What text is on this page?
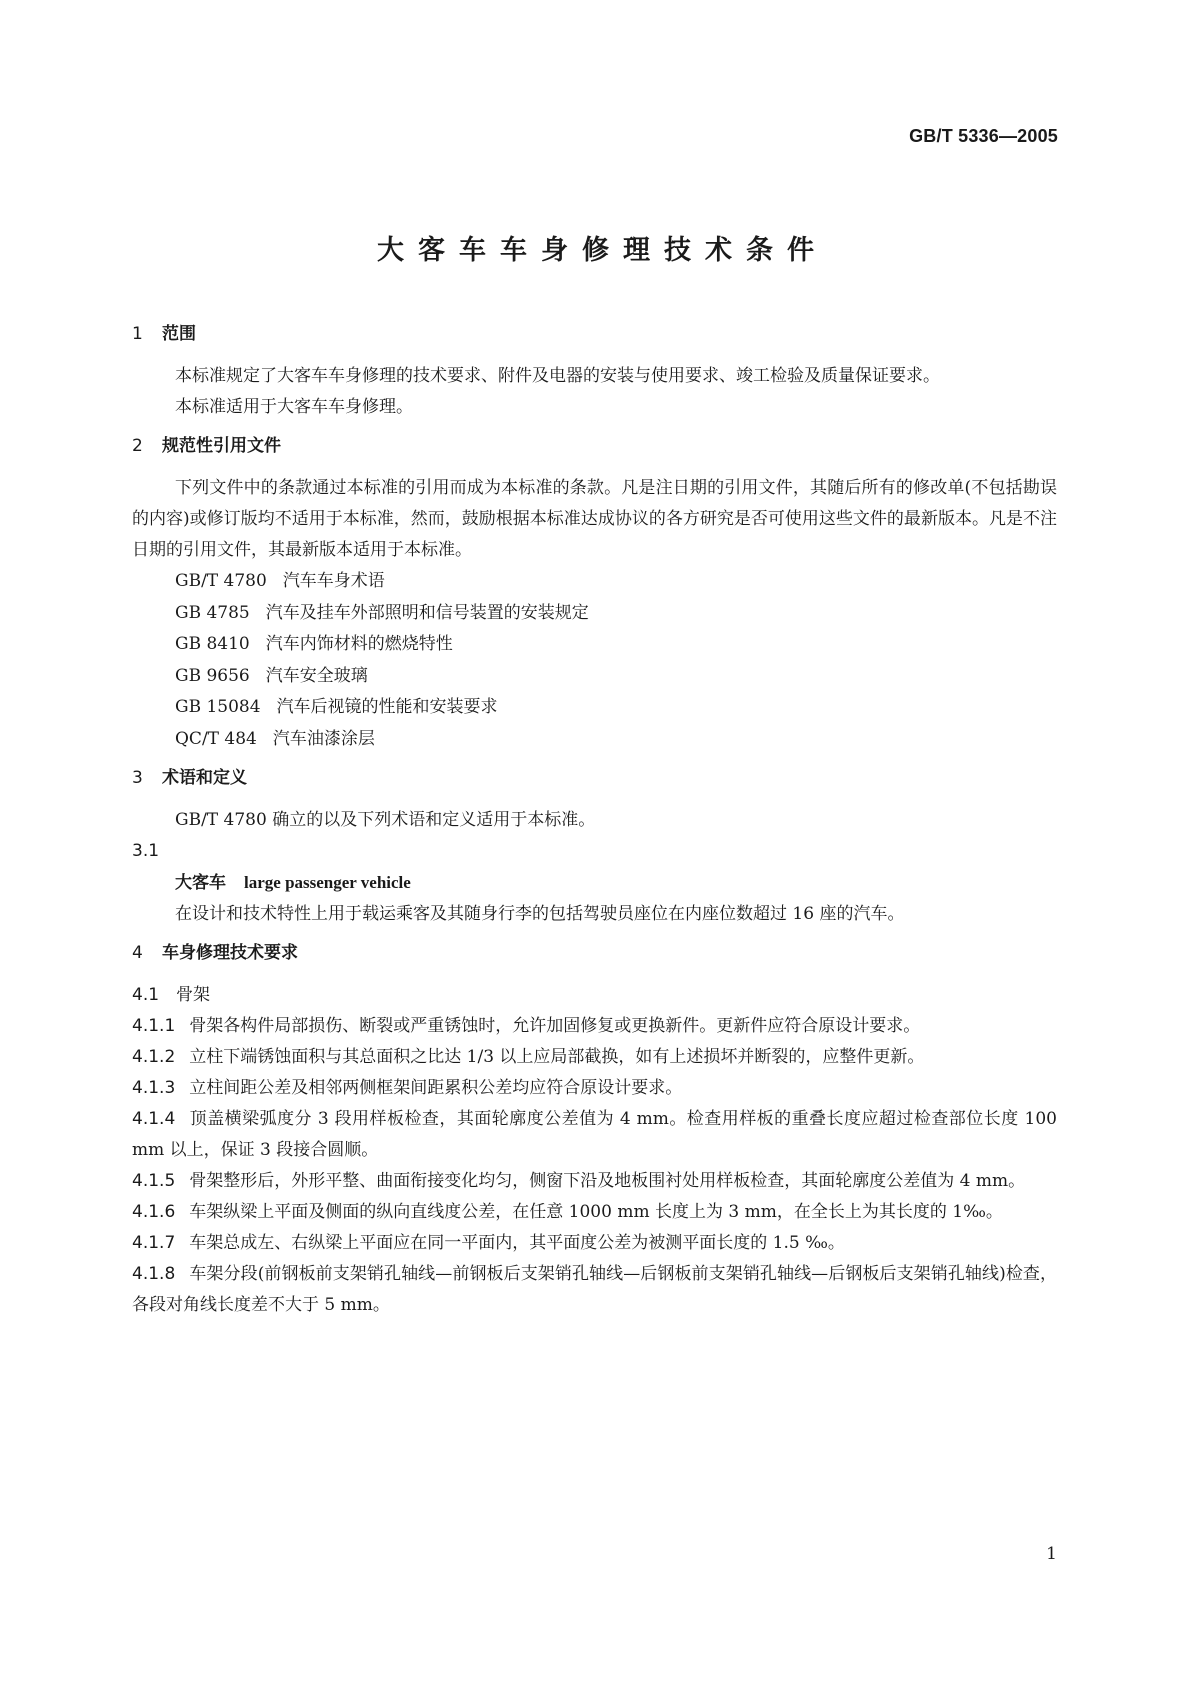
GB/T 5336—2005
大客车车身修理技术条件
1 范围

本标准规定了大客车车身修理的技术要求、附件及电器的安装与使用要求、竣工检验及质量保证要求。

本标准适用于大客车车身修理。

2 规范性引用文件

下列文件中的条款通过本标准的引用而成为本标准的条款。凡是注日期的引用文件，其随后所有的修改单(不包括勘误的内容)或修订版均不适用于本标准，然而，鼓励根据本标准达成协议的各方研究是否可使用这些文件的最新版本。凡是不注日期的引用文件，其最新版本适用于本标准。

GB/T 4780 汽车车身术语
GB 4785 汽车及挂车外部照明和信号装置的安装规定
GB 8410 汽车内饰材料的燃烧特性
GB 9656 汽车安全玻璃
GB 15084 汽车后视镜的性能和安装要求
QC/T 484 汽车油漆涂层
3 术语和定义

GB/T 4780 确立的以及下列术语和定义适用于本标准。

3.1
大客车 large passenger vehicle

在设计和技术特性上用于载运乘客及其随身行李的包括驾驶员座位在内座位数超过 16 座的汽车。

4 车身修理技术要求
4.1 骨架

4.1.1 骨架各构件局部损伤、断裂或严重锈蚀时，允许加固修复或更换新件。更新件应符合原设计要求。

4.1.2 立柱下端锈蚀面积与其总面积之比达 1/3 以上应局部截换，如有上述损坏并断裂的，应整件更新。

4.1.3 立柱间距公差及相邻两侧框架间距累积公差均应符合原设计要求。

4.1.4 顶盖横梁弧度分 3 段用样板检查，其面轮廓度公差值为 4 mm。检查用样板的重叠长度应超过检查部位长度 100 mm 以上，保证 3 段接合圆顺。

4.1.5 骨架整形后，外形平整、曲面衔接变化均匀，侧窗下沿及地板围衬处用样板检查，其面轮廓度公差值为 4 mm。

4.1.6 车架纵梁上平面及侧面的纵向直线度公差，在任意 1000 mm 长度上为 3 mm，在全长上为其长度的 1‰。

4.1.7 车架总成左、右纵梁上平面应在同一平面内，其平面度公差为被测平面长度的 1.5 ‰。

4.1.8 车架分段(前钢板前支架销孔轴线—前钢板后支架销孔轴线—后钢板前支架销孔轴线—后钢板后支架销孔轴线)检查，各段对角线长度差不大于 5 mm。

1
